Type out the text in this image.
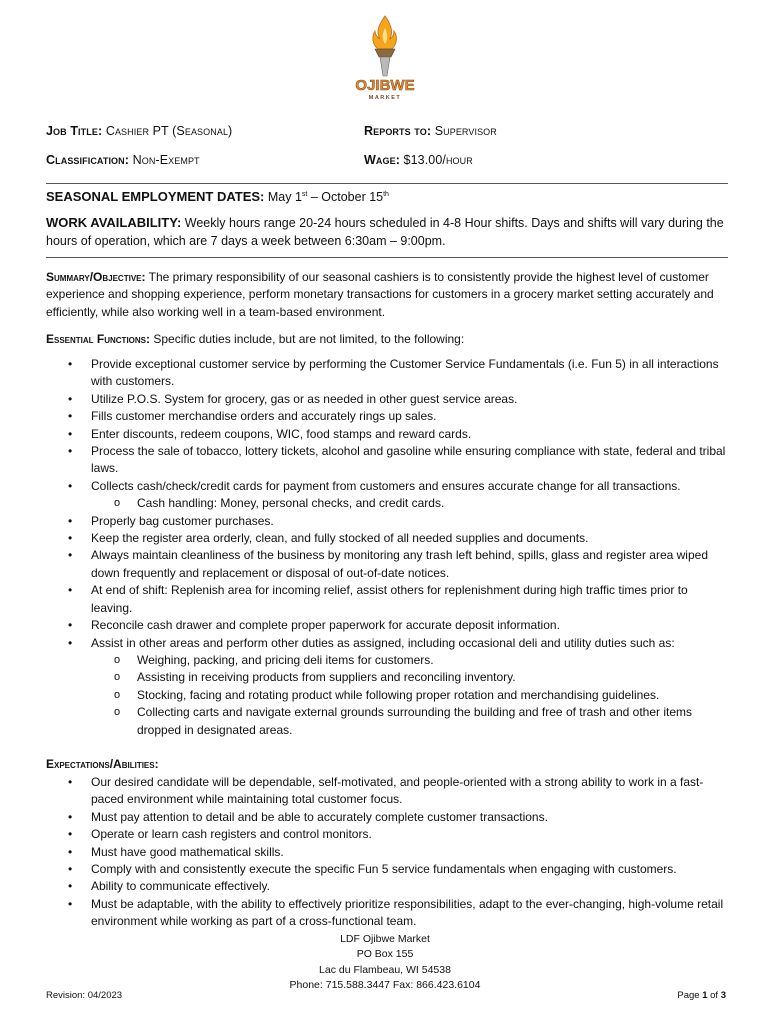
OJIBWE
MARKET
Job Title: Cashier PT (Seasonal)	Reports to: Supervisor
Classification: Non-Exempt	Wage: $13.00/hour
SEASONAL EMPLOYMENT DATES: May 1st – October 15th
WORK AVAILABILITY: Weekly hours range 20-24 hours scheduled in 4-8 Hour shifts. Days and shifts will vary during the hours of operation, which are 7 days a week between 6:30am – 9:00pm.
Summary/Objective: The primary responsibility of our seasonal cashiers is to consistently provide the highest level of customer experience and shopping experience, perform monetary transactions for customers in a grocery market setting accurately and efficiently, while also working well in a team-based environment.
Essential Functions: Specific duties include, but are not limited, to the following:
• Provide exceptional customer service by performing the Customer Service Fundamentals (i.e. Fun 5) in all interactions with customers.
• Utilize P.O.S. System for grocery, gas or as needed in other guest service areas.
• Fills customer merchandise orders and accurately rings up sales.
• Enter discounts, redeem coupons, WIC, food stamps and reward cards.
• Process the sale of tobacco, lottery tickets, alcohol and gasoline while ensuring compliance with state, federal and tribal laws.
• Collects cash/check/credit cards for payment from customers and ensures accurate change for all transactions.
o Cash handling: Money, personal checks, and credit cards.
• Properly bag customer purchases.
• Keep the register area orderly, clean, and fully stocked of all needed supplies and documents.
• Always maintain cleanliness of the business by monitoring any trash left behind, spills, glass and register area wiped down frequently and replacement or disposal of out-of-date notices.
• At end of shift: Replenish area for incoming relief, assist others for replenishment during high traffic times prior to leaving.
• Reconcile cash drawer and complete proper paperwork for accurate deposit information.
• Assist in other areas and perform other duties as assigned, including occasional deli and utility duties such as:
o Weighing, packing, and pricing deli items for customers.
o Assisting in receiving products from suppliers and reconciling inventory.
o Stocking, facing and rotating product while following proper rotation and merchandising guidelines.
o Collecting carts and navigate external grounds surrounding the building and free of trash and other items dropped in designated areas.
Expectations/Abilities:
• Our desired candidate will be dependable, self-motivated, and people-oriented with a strong ability to work in a fast-paced environment while maintaining total customer focus.
• Must pay attention to detail and be able to accurately complete customer transactions.
• Operate or learn cash registers and control monitors.
• Must have good mathematical skills.
• Comply with and consistently execute the specific Fun 5 service fundamentals when engaging with customers.
• Ability to communicate effectively.
• Must be adaptable, with the ability to effectively prioritize responsibilities, adapt to the ever-changing, high-volume retail environment while working as part of a cross-functional team.
LDF Ojibwe Market
PO Box 155
Lac du Flambeau, WI 54538
Phone: 715.588.3447 Fax: 866.423.6104
Revision: 04/2023	Page 1 of 3
